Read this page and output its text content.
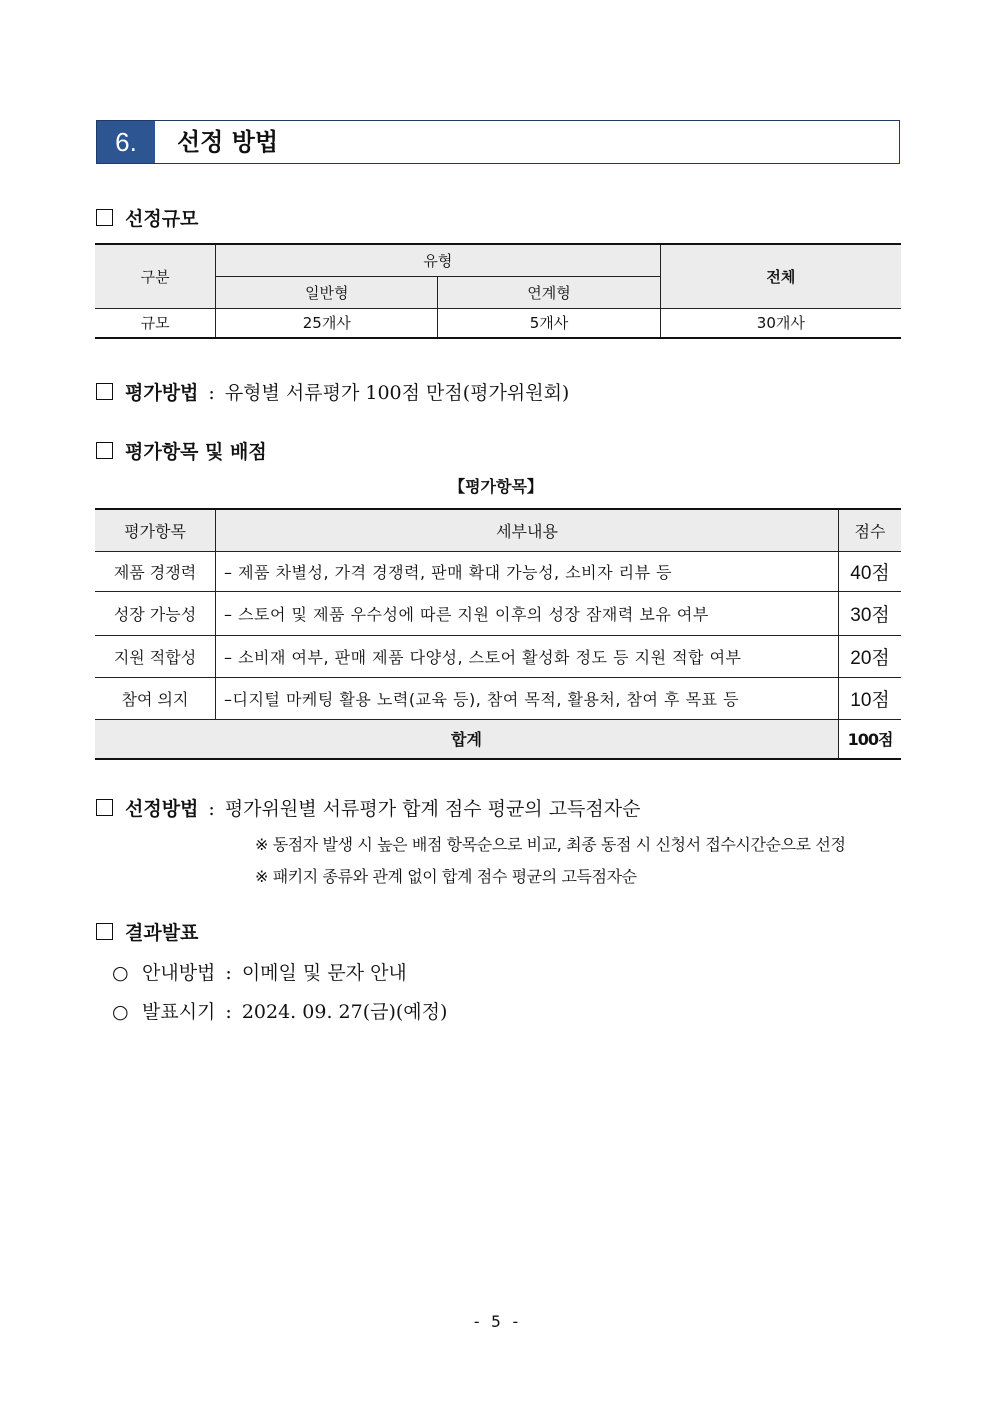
6.	선정 방법
선정규모
구분	유형		전체
	일반형	연계형	
규모	25개사	5개사	30개사
평가방법 : 유형별 서류평가 100점 만점(평가위원회)
평가항목 및 배점
【평가항목】
평가항목	세부내용	점수
제품 경쟁력	– 제품 차별성, 가격 경쟁력, 판매 확대 가능성, 소비자 리뷰 등	40점
성장 가능성	– 스토어 및 제품 우수성에 따른 지원 이후의 성장 잠재력 보유 여부	30점
지원 적합성	– 소비재 여부, 판매 제품 다양성, 스토어 활성화 정도 등 지원 적합 여부	20점
참여 의지	–디지털 마케팅 활용 노력(교육 등), 참여 목적, 활용처, 참여 후 목표 등	10점
합계		100점
선정방법 : 평가위원별 서류평가 합계 점수 평균의 고득점자순
※ 동점자 발생 시 높은 배점 항목순으로 비교, 최종 동점 시 신청서 접수시간순으로 선정
※ 패키지 종류와 관계 없이 합계 점수 평균의 고득점자순
결과발표
○ 안내방법 : 이메일 및 문자 안내
○ 발표시기 : 2024. 09. 27(금)(예정)
- 5 -
